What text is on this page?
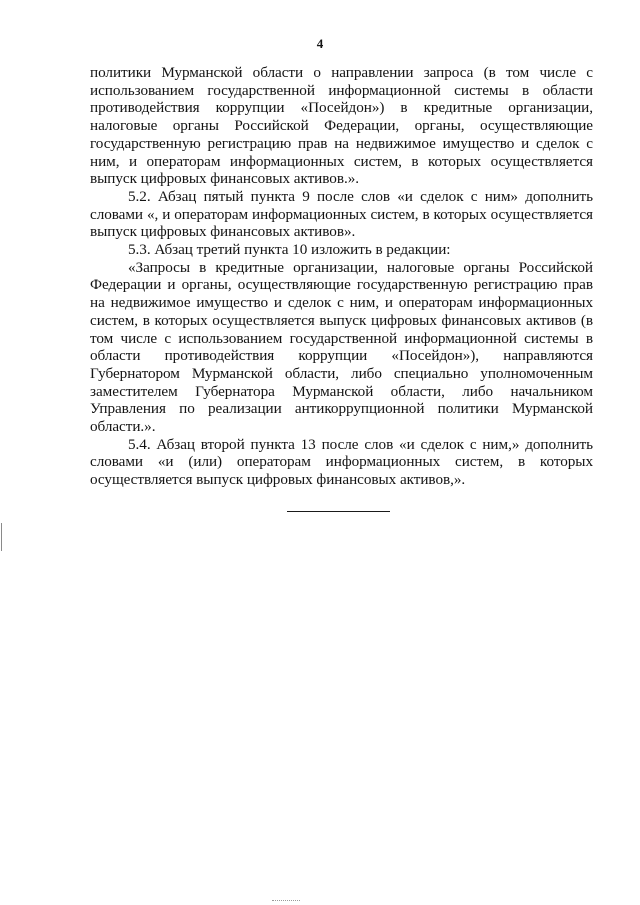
4

политики Мурманской области о направлении запроса (в том числе с использованием государственной информационной системы в области противодействия коррупции «Посейдон») в кредитные организации, налоговые органы Российской Федерации, органы, осуществляющие государственную регистрацию прав на недвижимое имущество и сделок с ним, и операторам информационных систем, в которых осуществляется выпуск цифровых финансовых активов.».

5.2. Абзац пятый пункта 9 после слов «и сделок с ним» дополнить словами «, и операторам информационных систем, в которых осуществляется выпуск цифровых финансовых активов».

5.3. Абзац третий пункта 10 изложить в редакции:

«Запросы в кредитные организации, налоговые органы Российской Федерации и органы, осуществляющие государственную регистрацию прав на недвижимое имущество и сделок с ним, и операторам информационных систем, в которых осуществляется выпуск цифровых финансовых активов (в том числе с использованием государственной информационной системы в области противодействия коррупции «Посейдон»), направляются Губернатором Мурманской области, либо специально уполномоченным заместителем Губернатора Мурманской области, либо начальником Управления по реализации антикоррупционной политики Мурманской области.».

5.4. Абзац второй пункта 13 после слов «и сделок с ним,» дополнить словами «и (или) операторам информационных систем, в которых осуществляется выпуск цифровых финансовых активов,».
